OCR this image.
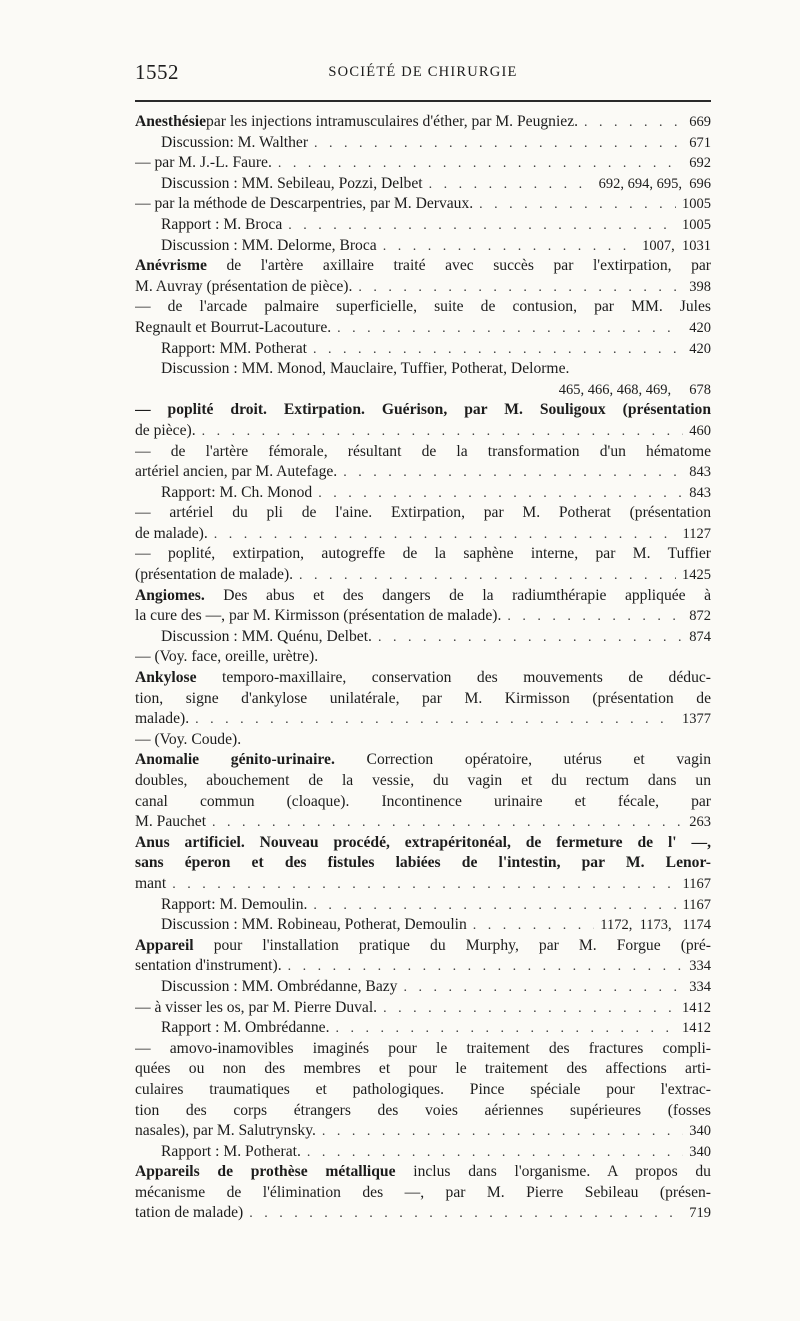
1552	SOCIÉTÉ DE CHIRURGIE
Anesthésie par les injections intramusculaires d'éther, par M. Peugniez. . . .	669
Discussion: M. Walther . . .	671
— par M. J.-L. Faure. . . .	692
Discussion : MM. Sebileau, Pozzi, Delbet . . .	692, 694, 695,  696
— par la méthode de Descarpentries, par M. Dervaux. . . .	1005
Rapport : M. Broca . . .	1005
Discussion : MM. Delorme, Broca . . .	1007,  1031
Anévrisme de l'artère axillaire traité avec succès par l'extirpation, par
M. Auvray (présentation de pièce). . . .	398
— de l'arcade palmaire superficielle, suite de contusion, par MM. Jules
Regnault et Bourrut-Lacouture. . . .	420
Rapport: MM. Potherat . . .	420
Discussion : MM. Monod, Mauclaire, Tuffier, Potherat, Delorme.
465, 466, 468, 469,     678
— poplité droit. Extirpation. Guérison, par M. Souligoux (présentation
de pièce). . . .	460
— de l'artère fémorale, résultant de la transformation d'un hématome
artériel ancien, par M. Autefage. . . .	843
Rapport: M. Ch. Monod . . .	843
— artériel du pli de l'aine. Extirpation, par M. Potherat (présentation
de malade). . . .	1127
— poplité, extirpation, autogreffe de la saphène interne, par M. Tuffier
(présentation de malade). . . .	1425
Angiomes. Des abus et des dangers de la radiumthérapie appliquée à
la cure des —, par M. Kirmisson (présentation de malade). . . .	872
Discussion : MM. Quénu, Delbet. . . .	874
— (Voy. face, oreille, urètre).
Ankylose temporo-maxillaire, conservation des mouvements de déduc-
tion, signe d'ankylose unilatérale, par M. Kirmisson (présentation de
malade). . . .	1377
— (Voy. Coude).
Anomalie génito-urinaire. Correction opératoire, utérus et vagin
doubles, abouchement de la vessie, du vagin et du rectum dans un
canal commun (cloaque). Incontinence urinaire et fécale, par
M. Pauchet . . .	263
Anus artificiel. Nouveau procédé, extrapéritonéal, de fermeture de l' —,
sans éperon et des fistules labiées de l'intestin, par M. Lenor-
mant . . .	1167
Rapport: M. Demoulin. . . .	1167
Discussion : MM. Robineau, Potherat, Demoulin . . .	1172,  1173,   1174
Appareil pour l'installation pratique du Murphy, par M. Forgue (pré-
sentation d'instrument). . . .	334
Discussion : MM. Ombrédanne, Bazy . . .	334
— à visser les os, par M. Pierre Duval. . . .	1412
Rapport : M. Ombrédanne. . . .	1412
— amovo-inamovibles imaginés pour le traitement des fractures compli-
quées ou non des membres et pour le traitement des affections arti-
culaires traumatiques et pathologiques. Pince spéciale pour l'extrac-
tion des corps étrangers des voies aériennes supérieures (fosses
nasales), par M. Salutrynsky. . . .	340
Rapport : M. Potherat. . . .	340
Appareils de prothèse métallique inclus dans l'organisme. A propos du
mécanisme de l'élimination des —, par M. Pierre Sebileau (présen-
tation de malade) . . .	719
